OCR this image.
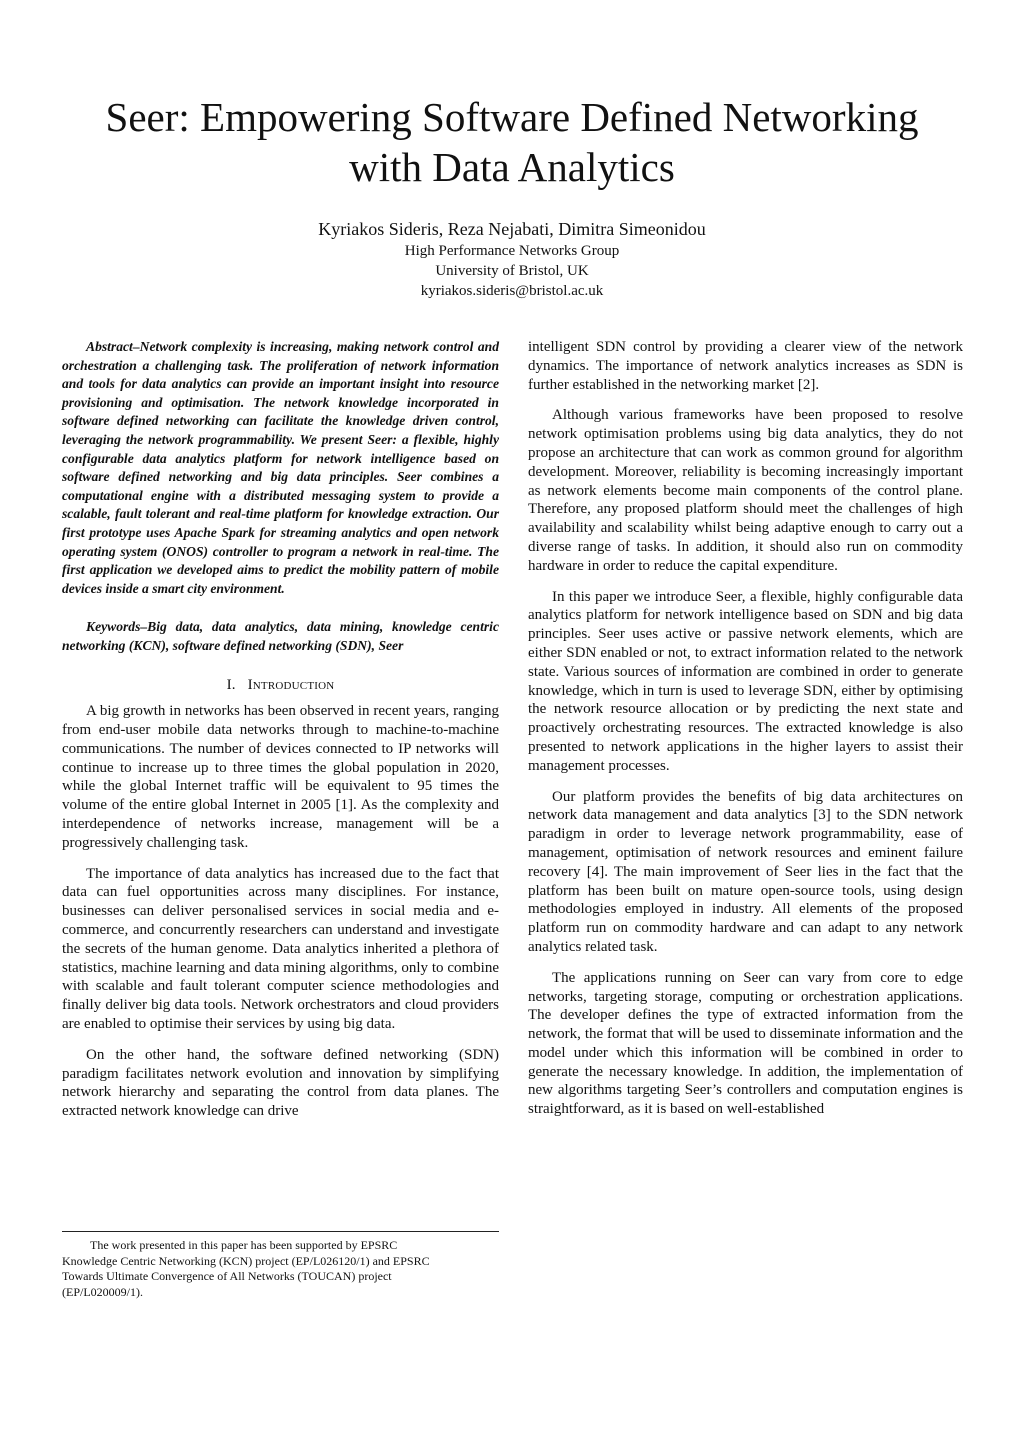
Seer: Empowering Software Defined Networking
with Data Analytics
Kyriakos Sideris, Reza Nejabati, Dimitra Simeonidou
High Performance Networks Group
University of Bristol, UK
kyriakos.sideris@bristol.ac.uk

Abstract–Network complexity is increasing, making network control and orchestration a challenging task. The proliferation of network information and tools for data analytics can provide an important insight into resource provisioning and optimisation. The network knowledge incorporated in software defined networking can facilitate the knowledge driven control, leveraging the network programmability. We present Seer: a flexible, highly configurable data analytics platform for network intelligence based on software defined networking and big data principles. Seer combines a computational engine with a distributed messaging system to provide a scalable, fault tolerant and real-time platform for knowledge extraction. Our first prototype uses Apache Spark for streaming analytics and open network operating system (ONOS) controller to program a network in real-time. The first application we developed aims to predict the mobility pattern of mobile devices inside a smart city environment.

Keywords–Big data, data analytics, data mining, knowledge centric networking (KCN), software defined networking (SDN), Seer

I. Introduction

A big growth in networks has been observed in recent years, ranging from end-user mobile data networks through to machine-to-machine communications. The number of devices connected to IP networks will continue to increase up to three times the global population in 2020, while the global Internet traffic will be equivalent to 95 times the volume of the entire global Internet in 2005 [1]. As the complexity and interdependence of networks increase, management will be a progressively challenging task.

The importance of data analytics has increased due to the fact that data can fuel opportunities across many disciplines. For instance, businesses can deliver personalised services in social media and e-commerce, and concurrently researchers can understand and investigate the secrets of the human genome. Data analytics inherited a plethora of statistics, machine learning and data mining algorithms, only to combine with scalable and fault tolerant computer science methodologies and finally deliver big data tools. Network orchestrators and cloud providers are enabled to optimise their services by using big data.

On the other hand, the software defined networking (SDN) paradigm facilitates network evolution and innovation by simplifying network hierarchy and separating the control from data planes. The extracted network knowledge can drive

intelligent SDN control by providing a clearer view of the network dynamics. The importance of network analytics increases as SDN is further established in the networking market [2].

Although various frameworks have been proposed to resolve network optimisation problems using big data analytics, they do not propose an architecture that can work as common ground for algorithm development. Moreover, reliability is becoming increasingly important as network elements become main components of the control plane. Therefore, any proposed platform should meet the challenges of high availability and scalability whilst being adaptive enough to carry out a diverse range of tasks. In addition, it should also run on commodity hardware in order to reduce the capital expenditure.

In this paper we introduce Seer, a flexible, highly configurable data analytics platform for network intelligence based on SDN and big data principles. Seer uses active or passive network elements, which are either SDN enabled or not, to extract information related to the network state. Various sources of information are combined in order to generate knowledge, which in turn is used to leverage SDN, either by optimising the network resource allocation or by predicting the next state and proactively orchestrating resources. The extracted knowledge is also presented to network applications in the higher layers to assist their management processes.

Our platform provides the benefits of big data architectures on network data management and data analytics [3] to the SDN network paradigm in order to leverage network programmability, ease of management, optimisation of network resources and eminent failure recovery [4]. The main improvement of Seer lies in the fact that the platform has been built on mature open-source tools, using design methodologies employed in industry. All elements of the proposed platform run on commodity hardware and can adapt to any network analytics related task.

The applications running on Seer can vary from core to edge networks, targeting storage, computing or orchestration applications. The developer defines the type of extracted information from the network, the format that will be used to disseminate information and the model under which this information will be combined in order to generate the necessary knowledge. In addition, the implementation of new algorithms targeting Seer’s controllers and computation engines is straightforward, as it is based on well-established

The work presented in this paper has been supported by EPSRC
Knowledge Centric Networking (KCN) project (EP/L026120/1) and EPSRC
Towards Ultimate Convergence of All Networks (TOUCAN) project
(EP/L020009/1).
